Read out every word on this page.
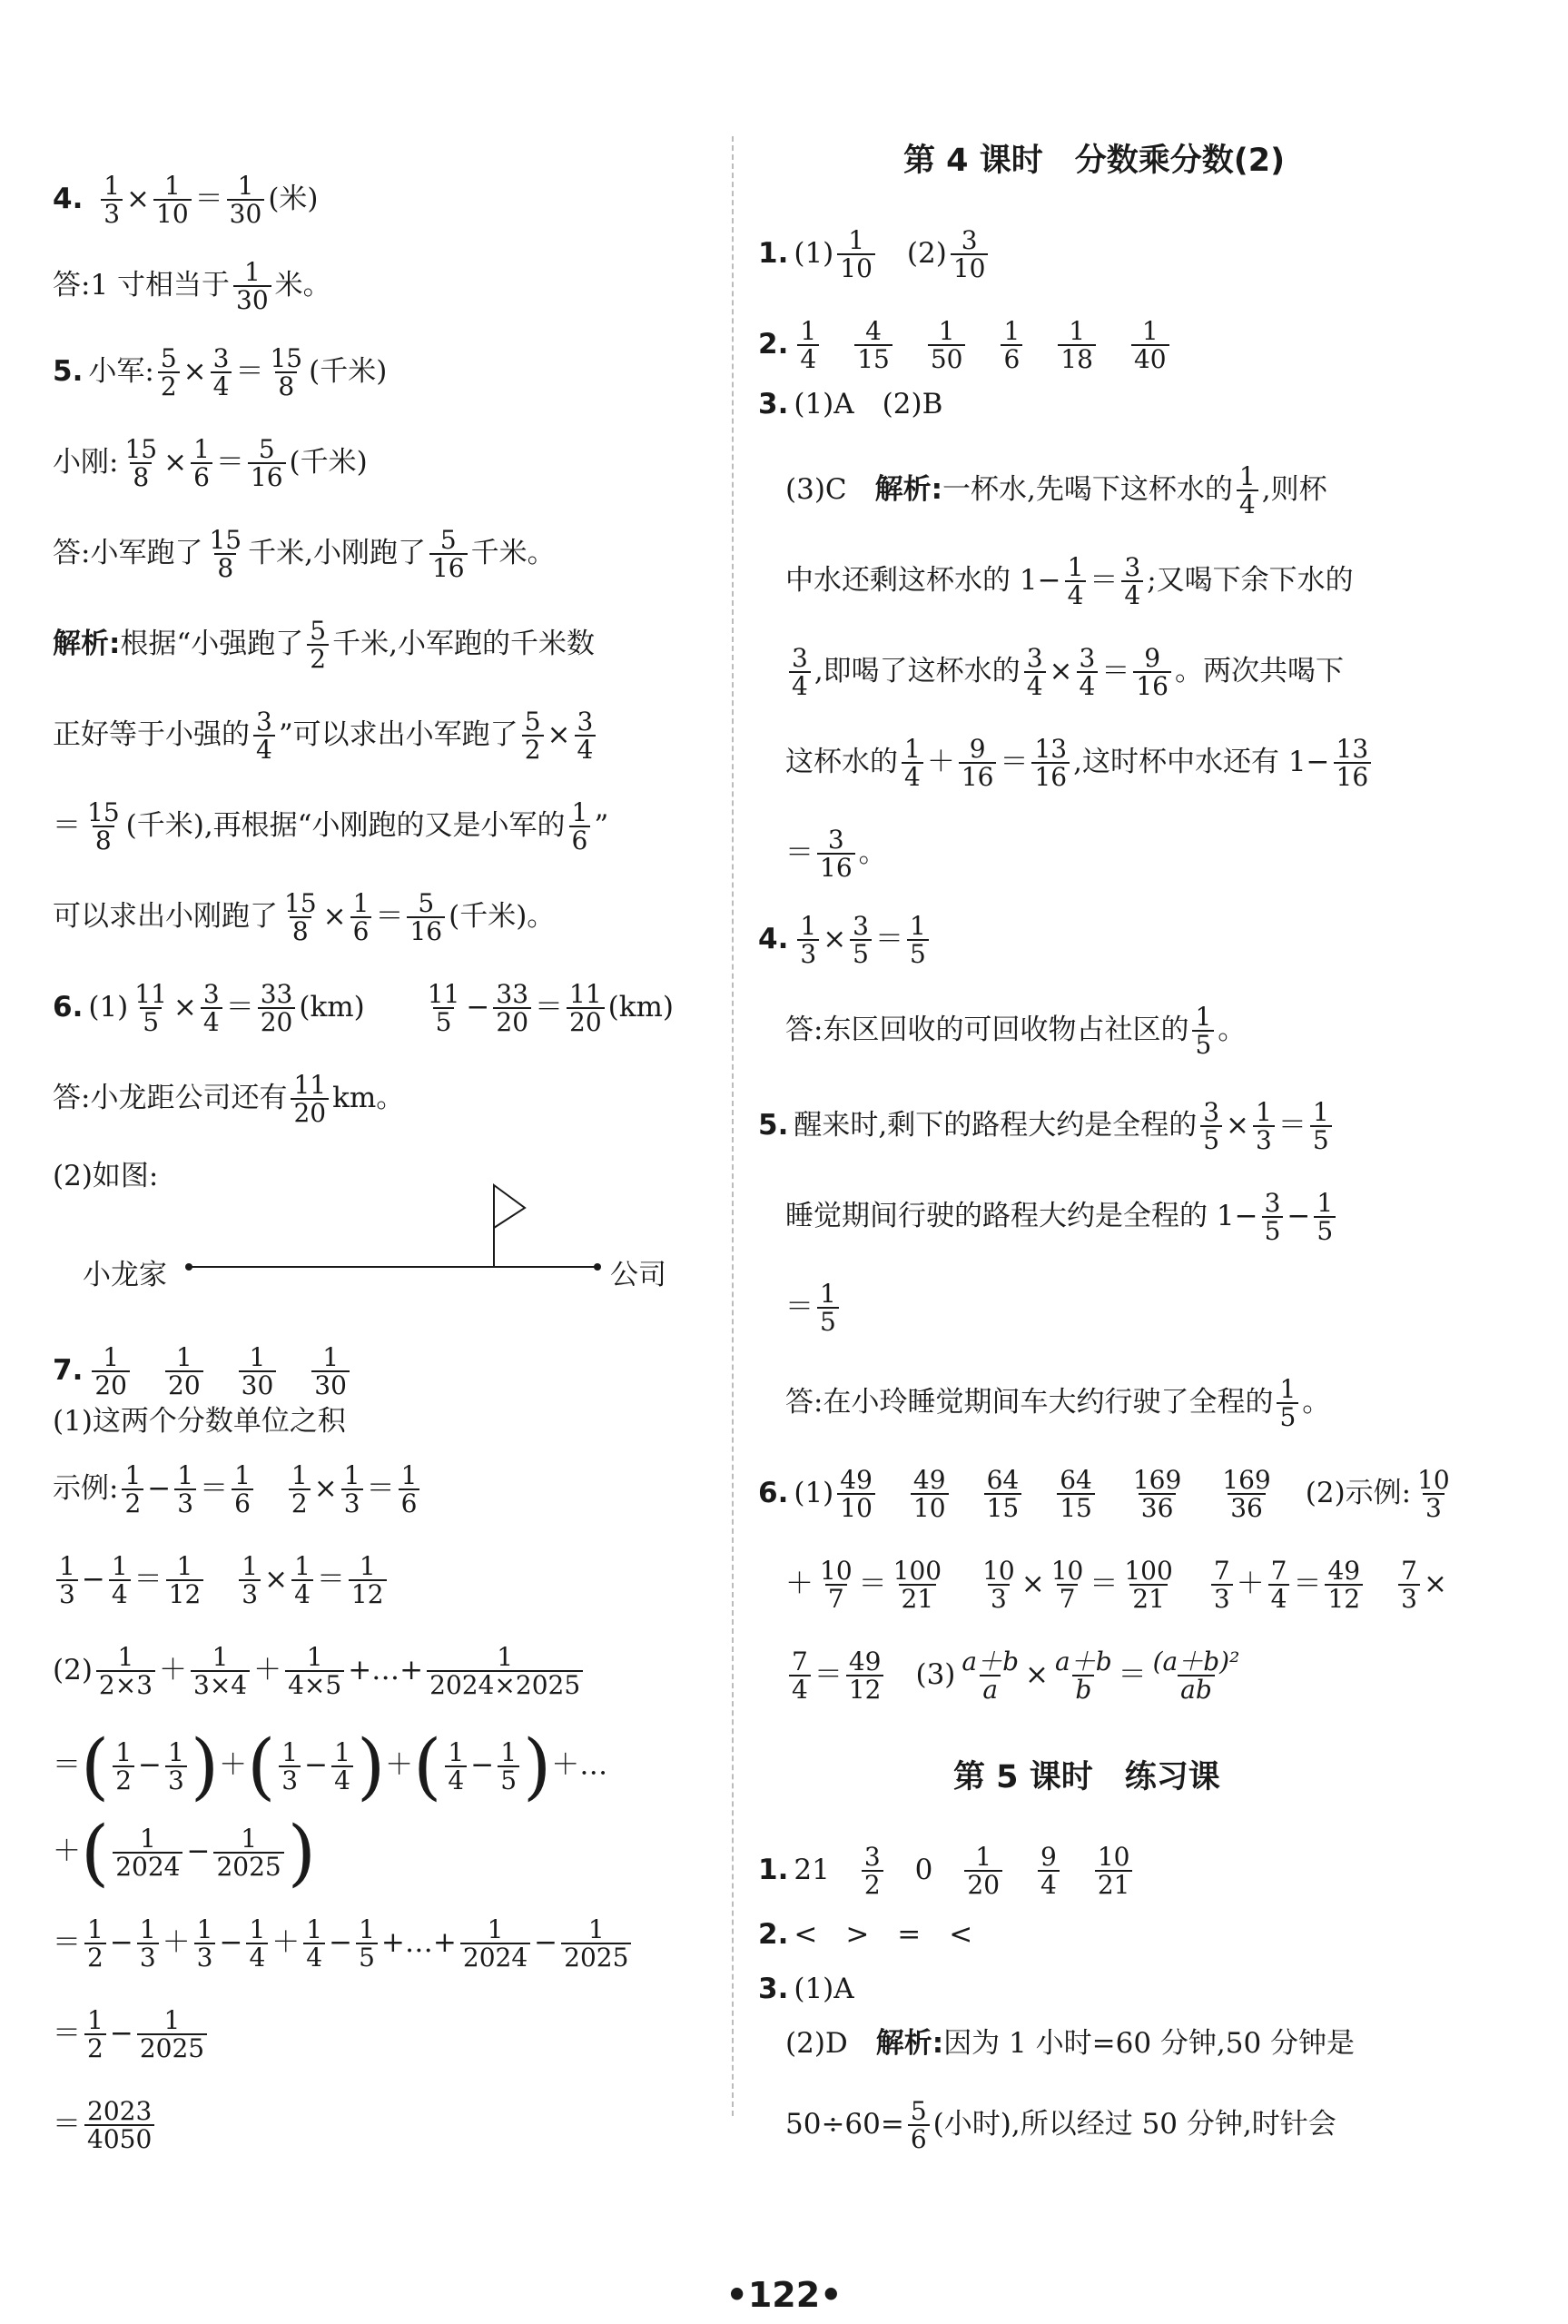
4. $\frac{1}{3} \times \frac{1}{10} = \frac{1}{30}$ (米)
答:1 寸相当于 $\frac{1}{30}$ 米。
5. 小军: $\frac{5}{2} \times \frac{3}{4} = \frac{15}{8}$ (千米)
小刚: $\frac{15}{8} \times \frac{1}{6} = \frac{5}{16}$ (千米)
答:小军跑了 $\frac{15}{8}$ 千米,小刚跑了 $\frac{5}{16}$ 千米。
解析:根据“小强跑了 $\frac{5}{2}$ 千米,小军跑的千米数
正好等于小强的 $\frac{3}{4}$ ”可以求出小军跑了 $\frac{5}{2} \times \frac{3}{4}$
＝ $\frac{15}{8}$ (千米),再根据“小刚跑的又是小军的 $\frac{1}{6}$ ”
可以求出小刚跑了 $\frac{15}{8} \times \frac{1}{6} = \frac{5}{16}$ (千米)。
6. $(1) \frac{11}{5} \times \frac{3}{4} = \frac{33}{20} (km)$　　 $\frac{11}{5} - \frac{33}{20} = \frac{11}{20} (km)$
答:小龙距公司还有 $\frac{11}{20}$ km。
(2)如图:
7. $\frac{1}{20}$
　 $\frac{1}{20}$
　 $\frac{1}{30}$
　 $\frac{1}{30}$
(1)这两个分数单位之积
示例: $\frac{1}{2} - \frac{1}{3} = \frac{1}{6}$
　 $\frac{1}{2} \times \frac{1}{3} = \frac{1}{6}$
$\frac{1}{3} - \frac{1}{4} = \frac{1}{12}$
　 $\frac{1}{3} \times \frac{1}{4} = \frac{1}{12}$
$(2) \frac{1}{2\times 3} + \frac{1}{3\times 4} + \frac{1}{4\times 5}$ +…+ $\frac{1}{2024\times 2025}$
＝( $\frac{1}{2} - \frac{1}{3}$ )＋( $\frac{1}{3} - \frac{1}{4}$ )＋( $\frac{1}{4} - \frac{1}{5}$ )＋…
＋( $\frac{1}{2024} - \frac{1}{2025}$ )
＝ $\frac{1}{2} - \frac{1}{3} + \frac{1}{3} - \frac{1}{4} + \frac{1}{4} - \frac{1}{5}$ +…+ $\frac{1}{2024} - \frac{1}{2025}$
＝ $\frac{1}{2} - \frac{1}{2025}$
＝ $\frac{2023}{4050}$
小龙家	公司
第 4 课时　分数乘分数(2)
1. $(1) \frac{1}{10}$
　 $(2) \frac{3}{10}$
2. $\frac{1}{4}$
　 $\frac{4}{15}$
　 $\frac{1}{50}$
　 $\frac{1}{6}$
　 $\frac{1}{18}$
　 $\frac{1}{40}$
3. (1)A　(2)B
(3)C　 解析:一杯水,先喝下这杯水的 $\frac{1}{4}$ ,则杯
中水还剩这杯水的 $1- \frac{1}{4} = \frac{3}{4}$ ;又喝下余下水的
$\frac{3}{4}$ ,即喝了这杯水的 $\frac{3}{4} \times \frac{3}{4} = \frac{9}{16}$ 。两次共喝下
这杯水的 $\frac{1}{4} + \frac{9}{16} = \frac{13}{16}$ ,这时杯中水还有 $1- \frac{13}{16}$
＝ $\frac{3}{16}$ 。
4. $\frac{1}{3} \times \frac{3}{5} = \frac{1}{5}$
答:东区回收的可回收物占社区的 $\frac{1}{5}$ 。
5. 醒来时,剩下的路程大约是全程的 $\frac{3}{5} \times \frac{1}{3} = \frac{1}{5}$
睡觉期间行驶的路程大约是全程的 $1- \frac{3}{5} - \frac{1}{5}$
＝ $\frac{1}{5}$
答:在小玲睡觉期间车大约行驶了全程的 $\frac{1}{5}$ 。
6. $(1) \frac{49}{10}$
　 $\frac{49}{10}$
　 $\frac{64}{15}$
　 $\frac{64}{15}$
　 $\frac{169}{36}$
　 $\frac{169}{36}$
　 (2)示例: $\frac{10}{3}$
＋ $\frac{10}{7} = \frac{100}{21}$
　 $\frac{10}{3} \times \frac{10}{7} = \frac{100}{21}$
　 $\frac{7}{3} + \frac{7}{4} = \frac{49}{12}$
　 $\frac{7}{3}$ ×
$\frac{7}{4} = \frac{49}{12}$
　 $(3) \frac{a+b}{a} \times \frac{a+b}{b} = \frac{\text{(a＋b)²}}{ab}$
第 5 课时　练习课
1. 21　 $\frac{3}{2}$
　 0　 $\frac{1}{20}$
　 $\frac{9}{4}$
　 $\frac{10}{21}$
2. <　>　=　<
3. (1)A
(2)D　 解析:因为 1 小时=60 分钟,50 分钟是
$50\div 60= \frac{5}{6}$ (小时),所以经过 50 分钟,时针会
•122•
